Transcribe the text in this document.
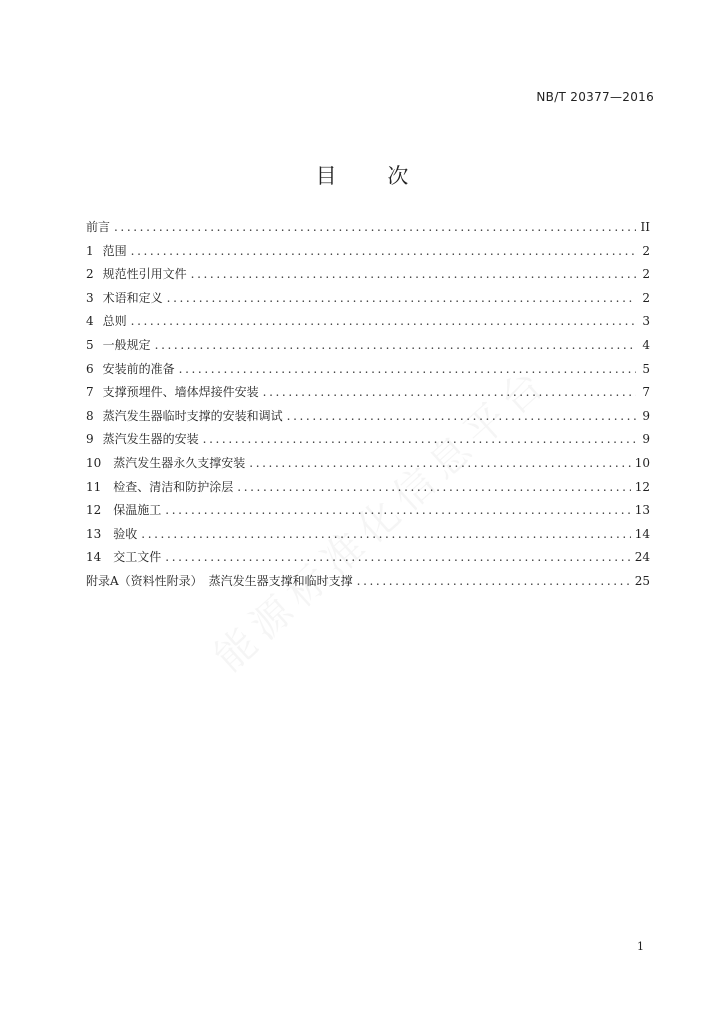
NB/T 20377—2016
目 次
前言 .....	II
1 范围 .....	2
2 规范性引用文件 .....	2
3 术语和定义 .....	2
4 总则 .....	3
5 一般规定 .....	4
6 安装前的准备 .....	5
7 支撑预埋件、墙体焊接件安装 .....	7
8 蒸汽发生器临时支撑的安装和调试 .....	9
9 蒸汽发生器的安装 .....	9
10	蒸汽发生器永久支撑安装 .....	10
11	检查、清洁和防护涂层 .....	12
12	保温施工 .....	13
13	验收 .....	14
14	交工文件 .....	24
附录A（资料性附录）　蒸汽发生器支撑和临时支撑 .....	25
1
